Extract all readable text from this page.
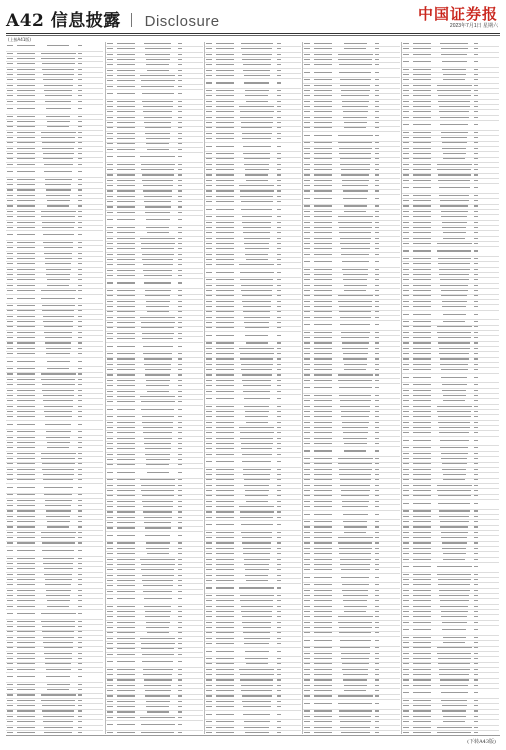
A42 信息披露 Disclosure	中国证券报
2023年7月1日 星期六
(上接A41版)
(下转A43版)
